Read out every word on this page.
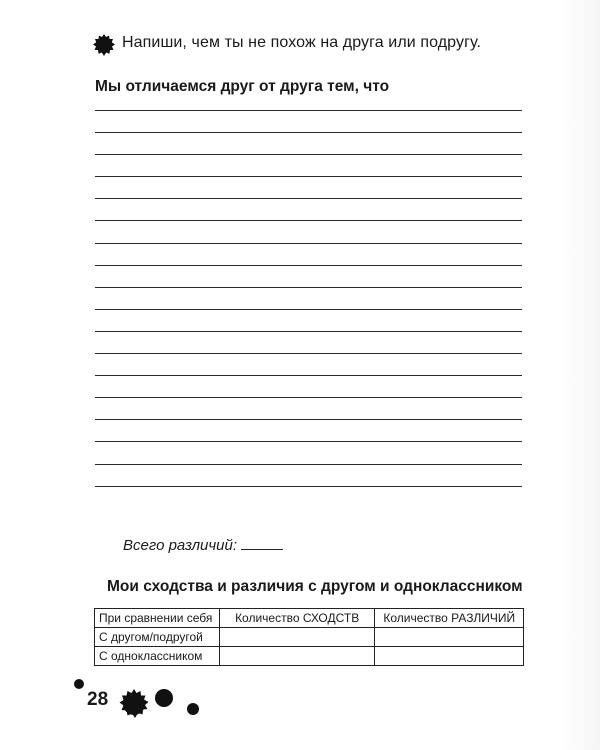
Напиши, чем ты не похож на друга или подругу.
Мы отличаемся друг от друга тем, что
Всего различий:
Мои сходства и различия с другом и одноклассником
При сравнении себя	Количество СХОДСТВ	Количество РАЗЛИЧИЙ
С другом/подругой		
С одноклассником		
28
